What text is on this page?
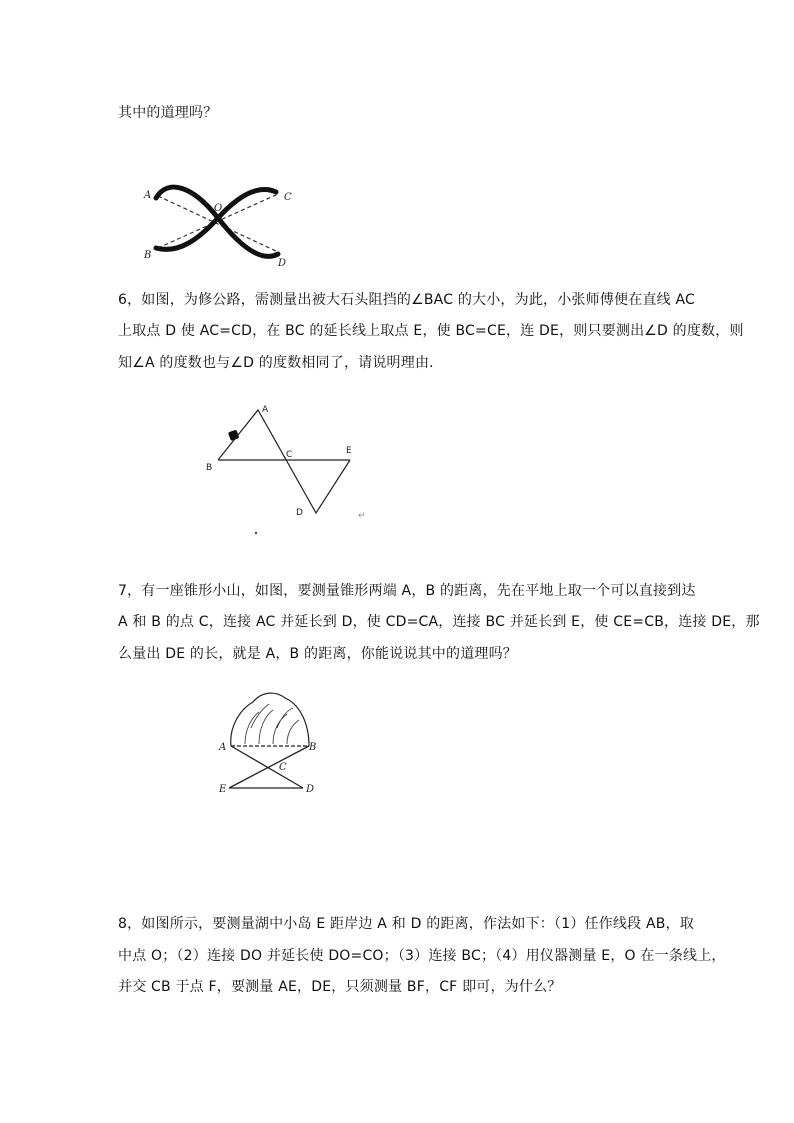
其中的道理吗？
A
B
C
D
O
6，如图，为修公路，需测量出被大石头阻挡的∠BAC 的大小，为此，小张师傅便在直线 AC
上取点 D 使 AC=CD，在 BC 的延长线上取点 E，使 BC=CE，连 DE，则只要测出∠D 的度数，则
知∠A 的度数也与∠D 的度数相同了，请说明理由.
A
B
C
D
E
↵
7，有一座锥形小山，如图，要测量锥形两端 A，B 的距离，先在平地上取一个可以直接到达
A 和 B 的点 C，连接 AC 并延长到 D，使 CD=CA，连接 BC 并延长到 E，使 CE=CB，连接 DE，那
么量出 DE 的长，就是 A，B 的距离，你能说说其中的道理吗？
A	B
C
D
E
8，如图所示，要测量湖中小岛 E 距岸边 A 和 D 的距离，作法如下：（1）任作线段 AB，取
中点 O；（2）连接 DO 并延长使 DO=CO；（3）连接 BC；（4）用仪器测量 E，O 在一条线上，
并交 CB 于点 F，要测量 AE，DE，只须测量 BF，CF 即可，为什么？
